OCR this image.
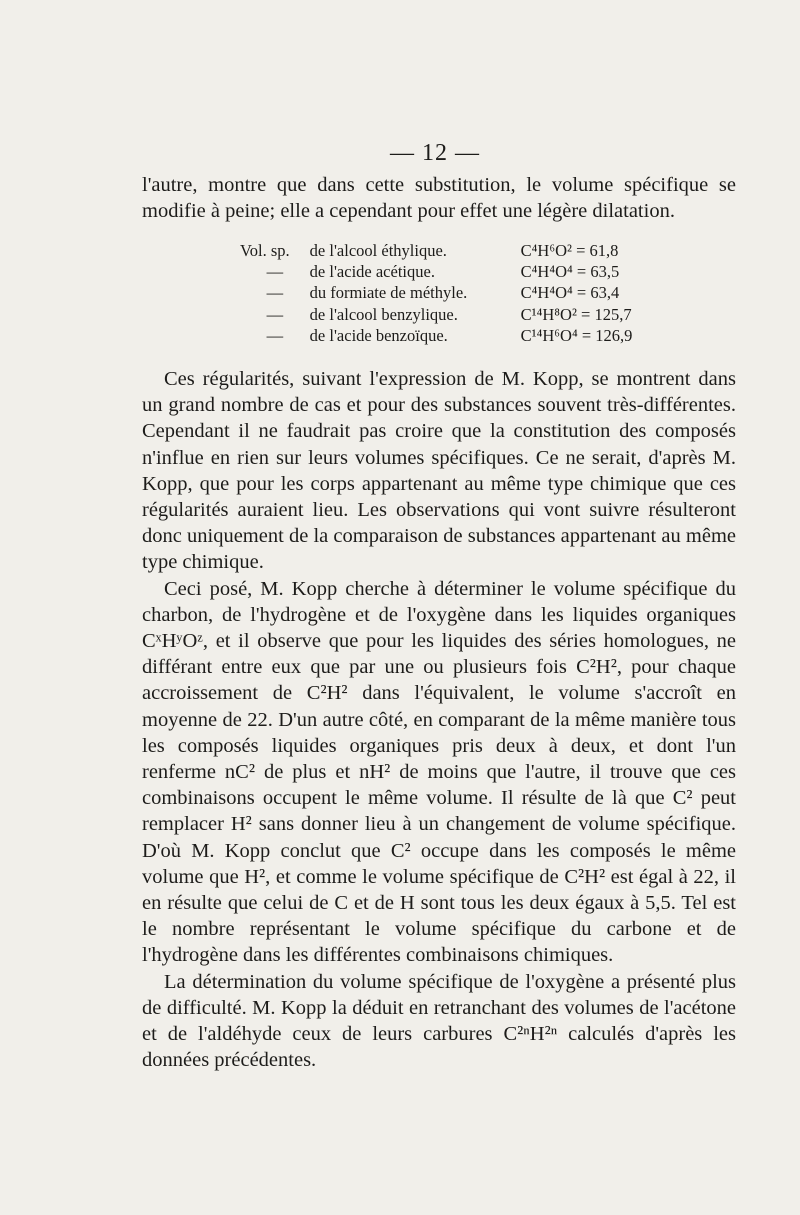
— 12 —

l'autre, montre que dans cette substitution, le volume spécifique se modifie à peine; elle a cependant pour effet une légère dilatation.

Vol. sp.	de l'alcool éthylique.	C⁴H⁶O² = 61,8
—	de l'acide acétique.	C⁴H⁴O⁴ = 63,5
—	du formiate de méthyle.	C⁴H⁴O⁴ = 63,4
—	de l'alcool benzylique.	C¹⁴H⁸O² = 125,7
—	de l'acide benzoïque.	C¹⁴H⁶O⁴ = 126,9

Ces régularités, suivant l'expression de M. Kopp, se montrent dans un grand nombre de cas et pour des substances souvent très-différentes. Cependant il ne faudrait pas croire que la constitution des composés n'influe en rien sur leurs volumes spécifiques. Ce ne serait, d'après M. Kopp, que pour les corps appartenant au même type chimique que ces régularités auraient lieu. Les observations qui vont suivre résulteront donc uniquement de la comparaison de substances appartenant au même type chimique.

Ceci posé, M. Kopp cherche à déterminer le volume spécifique du charbon, de l'hydrogène et de l'oxygène dans les liquides organiques CˣHʸOᶻ, et il observe que pour les liquides des séries homologues, ne différant entre eux que par une ou plusieurs fois C²H², pour chaque accroissement de C²H² dans l'équivalent, le volume s'accroît en moyenne de 22. D'un autre côté, en comparant de la même manière tous les composés liquides organiques pris deux à deux, et dont l'un renferme nC² de plus et nH² de moins que l'autre, il trouve que ces combinaisons occupent le même volume. Il résulte de là que C² peut remplacer H² sans donner lieu à un changement de volume spécifique. D'où M. Kopp conclut que C² occupe dans les composés le même volume que H², et comme le volume spécifique de C²H² est égal à 22, il en résulte que celui de C et de H sont tous les deux égaux à 5,5. Tel est le nombre représentant le volume spécifique du carbone et de l'hydrogène dans les différentes combinaisons chimiques.

La détermination du volume spécifique de l'oxygène a présenté plus de difficulté. M. Kopp la déduit en retranchant des volumes de l'acétone et de l'aldéhyde ceux de leurs carbures C²ⁿH²ⁿ calculés d'après les données précédentes.
